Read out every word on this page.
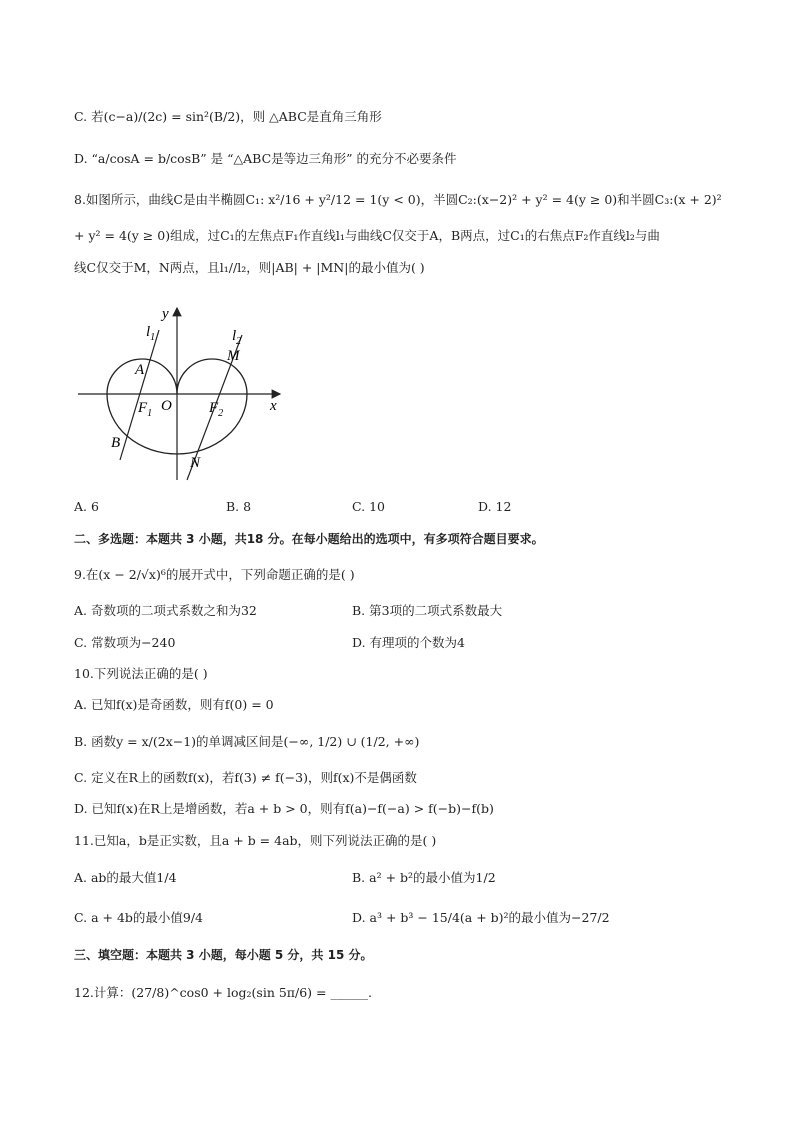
C. 若(c−a)/(2c) = sin²(B/2)，则 △ABC是直角三角形
D. “a/cosA = b/cosB” 是 “△ABC是等边三角形” 的充分不必要条件
8.如图所示，曲线C是由半椭圆C₁: x²/16 + y²/12 = 1(y < 0)，半圆C₂:(x−2)² + y² = 4(y ≥ 0)和半圆C₃:(x + 2)²
+ y² = 4(y ≥ 0)组成，过C₁的左焦点F₁作直线l₁与曲线C仅交于A，B两点，过C₁的右焦点F₂作直线l₂与曲
线C仅交于M，N两点，且l₁//l₂，则|AB| + |MN|的最小值为( )
y
x
O
$l_1$	$l_2$
A
B
M
N
$F_1$	$F_2$
A. 6	B. 8	C. 10	D. 12
二、多选题：本题共 3 小题，共18 分。在每小题给出的选项中，有多项符合题目要求。
9.在(x − 2/√x)⁶的展开式中，下列命题正确的是( )
A. 奇数项的二项式系数之和为32	B. 第3项的二项式系数最大
C. 常数项为−240	D. 有理项的个数为4
10.下列说法正确的是( )
A. 已知f(x)是奇函数，则有f(0) = 0
B. 函数y = x/(2x−1)的单调减区间是(−∞, 1/2) ∪ (1/2, +∞)
C. 定义在R上的函数f(x)，若f(3) ≠ f(−3)，则f(x)不是偶函数
D. 已知f(x)在R上是增函数，若a + b > 0，则有f(a)−f(−a) > f(−b)−f(b)
11.已知a，b是正实数，且a + b = 4ab，则下列说法正确的是( )
A. ab的最大值1/4	B. a² + b²的最小值为1/2
C. a + 4b的最小值9/4	D. a³ + b³ − 15/4(a + b)²的最小值为−27/2
三、填空题：本题共 3 小题，每小题 5 分，共 15 分。
12.计算：(27/8)^cos0 + log₂(sin 5π/6) = ______.
